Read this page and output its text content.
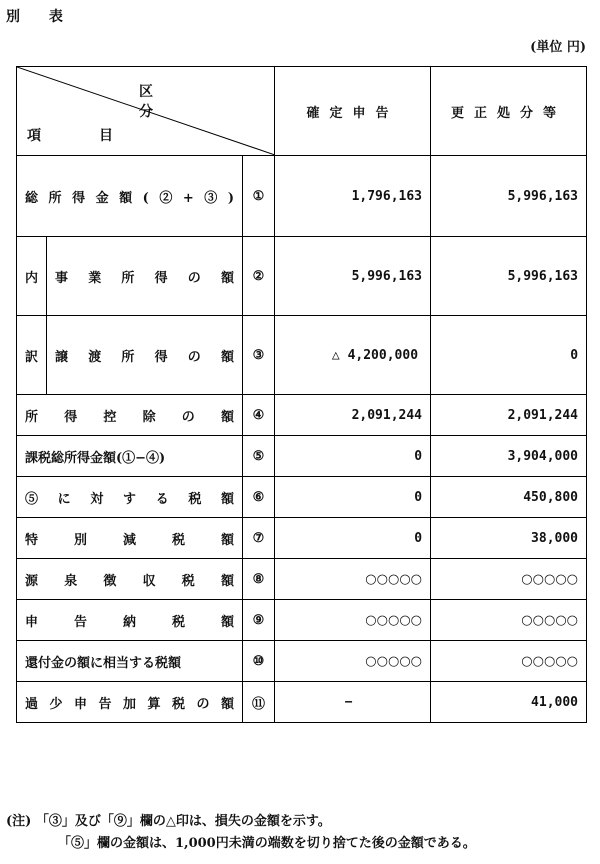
別 表
(単位 円)
区分
項目			確定申告	更正処分等
総所得金額(②+③)		①	1,796,163	5,996,163
内	事業所得の額	②	5,996,163	5,996,163
訳	譲渡所得の額	③	△ 4,200,000	0
所得控除の額		④	2,091,244	2,091,244
課税総所得金額(①−④)		⑤	0	3,904,000
⑤に対する税額		⑥	0	450,800
特別減税額		⑦	0	38,000
源泉徴収税額		⑧	○○○○○	○○○○○
申告納税額		⑨	○○○○○	○○○○○
還付金の額に相当する税額		⑩	○○○○○	○○○○○
過少申告加算税の額		⑪	−	41,000
(注) 「③」及び「⑨」欄の△印は、損失の金額を示す。
「⑤」欄の金額は、1,000円未満の端数を切り捨てた後の金額である。
